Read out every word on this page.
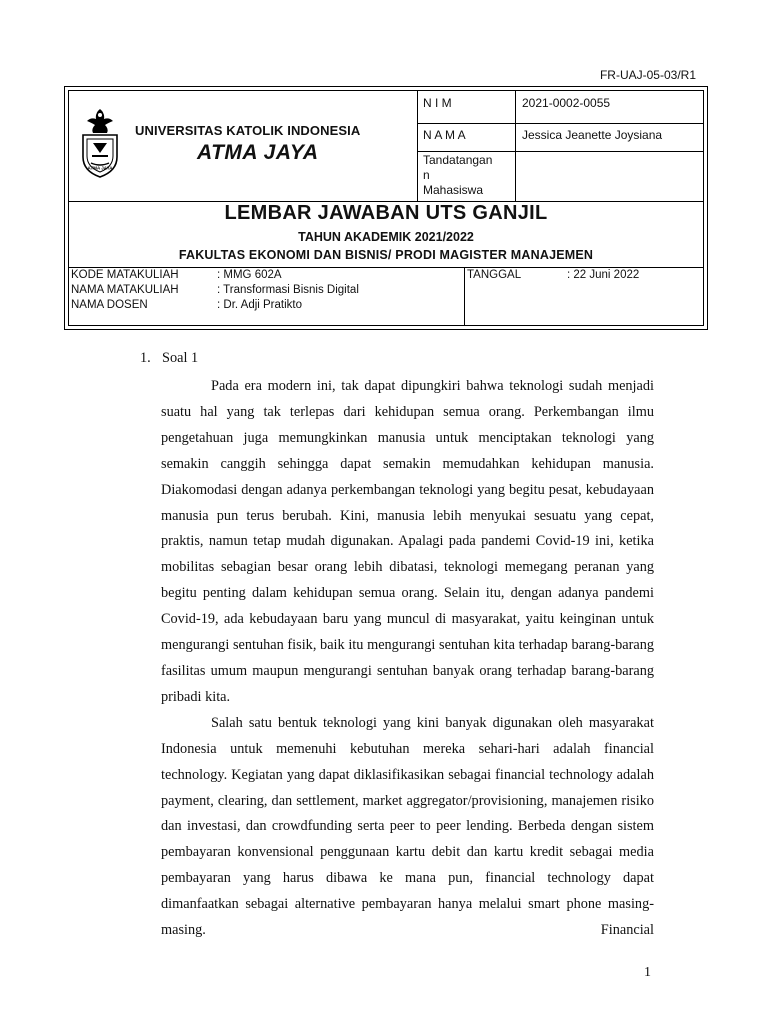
FR-UAJ-05-03/R1
ATMA JAYA
UNIVERSITAS KATOLIK INDONESIA
ATMA JAYA
N I M	2021-0002-0055
N A M A	Jessica Jeanette Joysiana
Tandatangan
n
Mahasiswa
LEMBAR JAWABAN UTS GANJIL
TAHUN AKADEMIK 2021/2022
FAKULTAS EKONOMI DAN BISNIS/ PRODI MAGISTER MANAJEMEN
KODE MATAKULIAH	: MMG 602A
NAMA MATAKULIAH	: Transformasi Bisnis Digital
NAMA DOSEN	: Dr. Adji Pratikto
TANGGAL	: 22 Juni 2022
1. Soal 1
Pada era modern ini, tak dapat dipungkiri bahwa teknologi sudah menjadi suatu hal yang tak terlepas dari kehidupan semua orang. Perkembangan ilmu pengetahuan juga memungkinkan manusia untuk menciptakan teknologi yang semakin canggih sehingga dapat semakin memudahkan kehidupan manusia. Diakomodasi dengan adanya perkembangan teknologi yang begitu pesat, kebudayaan manusia pun terus berubah. Kini, manusia lebih menyukai sesuatu yang cepat, praktis, namun tetap mudah digunakan. Apalagi pada pandemi Covid-19 ini, ketika mobilitas sebagian besar orang lebih dibatasi, teknologi memegang peranan yang begitu penting dalam kehidupan semua orang. Selain itu, dengan adanya pandemi Covid-19, ada kebudayaan baru yang muncul di masyarakat, yaitu keinginan untuk mengurangi sentuhan fisik, baik itu mengurangi sentuhan kita terhadap barang-barang fasilitas umum maupun mengurangi sentuhan banyak orang terhadap barang-barang pribadi kita.
Salah satu bentuk teknologi yang kini banyak digunakan oleh masyarakat Indonesia untuk memenuhi kebutuhan mereka sehari-hari adalah financial technology. Kegiatan yang dapat diklasifikasikan sebagai financial technology adalah payment, clearing, dan settlement, market aggregator/provisioning, manajemen risiko dan investasi, dan crowdfunding serta peer to peer lending. Berbeda dengan sistem pembayaran konvensional penggunaan kartu debit dan kartu kredit sebagai media pembayaran yang harus dibawa ke mana pun, financial technology dapat dimanfaatkan sebagai alternative pembayaran hanya melalui smart phone masing-masing. Financial
1
